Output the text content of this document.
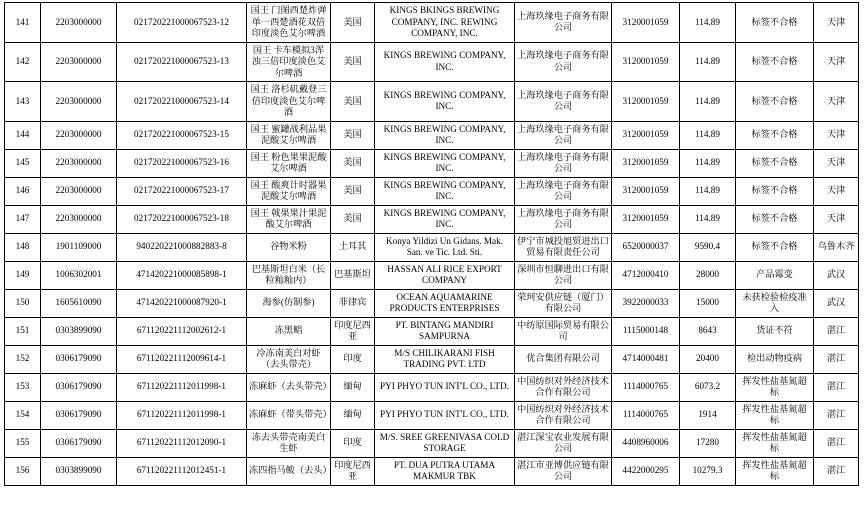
141	2203000000	021720221000067523-12	国王 门图西楚炸弹单一西楚酒花双倍印度淡色艾尔啤酒	美国	KINGS BKINGS BREWING COMPANY, INC. REWING COMPANY, INC.	上海玖缘电子商务有限公司	3120001059	114.89	标签不合格	天津
142	2203000000	021720221000067523-13	国王 卡车模拟3浑浊三倍印度淡色艾尔啤酒	美国	KINGS BREWING COMPANY, INC.	上海玖缘电子商务有限公司	3120001059	114.89	标签不合格	天津
143	2203000000	021720221000067523-14	国王 洛杉矶戴登三倍印度淡色艾尔啤酒	美国	KINGS BREWING COMPANY, INC.	上海玖缘电子商务有限公司	3120001059	114.89	标签不合格	天津
144	2203000000	021720221000067523-15	国王 蜜罐战利品果泥酸艾尔啤酒	美国	KINGS BREWING COMPANY, INC.	上海玖缘电子商务有限公司	3120001059	114.89	标签不合格	天津
145	2203000000	021720221000067523-16	国王 粉色果果泥酸艾尔啤酒	美国	KINGS BREWING COMPANY, INC.	上海玖缘电子商务有限公司	3120001059	114.89	标签不合格	天津
146	2203000000	021720221000067523-17	国王 酸爽计时器果泥酸艾尔啤酒	美国	KINGS BREWING COMPANY, INC.	上海玖缘电子商务有限公司	3120001059	114.89	标签不合格	天津
147	2203000000	021720221000067523-18	国王 戟果果汁果泥酸艾尔啤酒	美国	KINGS BREWING COMPANY, INC.	上海玖缘电子商务有限公司	3120001059	114.89	标签不合格	天津
148	1901109000	940220221000882883-8	谷物米粉	土耳其	Konya Yildizi Un Gidans. Mak. San. ve Tic. Ltd. Sti.	伊宁市城投旭贸进出口贸易有限责任公司	6520000037	9590.4	标签不合格	乌鲁木齐
149	1006302001	471420221000085898-1	巴基斯坦白米（长粒籼籼内）	巴基斯坦	HASSAN ALI RICE EXPORT COMPANY	深圳市恒聊进出口有限公司	4712000410	28000	产品霉变	武汉
150	1605610090	471420221000087920-1	海参(仿制参)	菲律宾	OCEAN AQUAMARINE PRODUCTS ENTERPRISES	荣珂安供应链（厦门）有限公司	3922000033	15000	未获检验检疫准入	武汉
151	0303899090	671120221112002612-1	冻黑鲳	印度尼西亚	PT. BINTANG MANDIRI SAMPURNA	中纺原国际贸易有限公司	1115000148	8643	货证不符	湛江
152	0306179090	671120221112009614-1	冷冻南美白对虾（去头带壳）	印度	M/S CHILIKARANI FISH TRADING PVT. LTD	优合集团有限公司	4714000481	20400	检出动物疫病	湛江
153	0306179090	671120221112011998-1	冻麻虾（去头带壳）	缅甸	PYI PHYO TUN INT'L CO., LTD.	中国纺织对外经济技术合作有限公司	1114000765	6073.2	挥发性盐基氮超标	湛江
154	0306179090	671120221112011998-1	冻麻虾（带头带壳）	缅甸	PYI PHYO TUN INT'L CO., LTD.	中国纺织对外经济技术合作有限公司	1114000765	1914	挥发性盐基氮超标	湛江
155	0306179090	671120221112012090-1	冻去头带壳南美白生虾	印度	M/S. SREE GREENIVASA COLD STORAGE	湛江深宝农业发展有限公司	4408960006	17280	挥发性盐基氮超标	湛江
156	0303899090	671120221112012451-1	冻四指马鲅（去头）	印度尼西亚	PT. DUA PUTRA UTAMA MAKMUR TBK	湛江市亚博供应链有限公司	4422000295	10279.3	挥发性盐基氮超标	湛江
